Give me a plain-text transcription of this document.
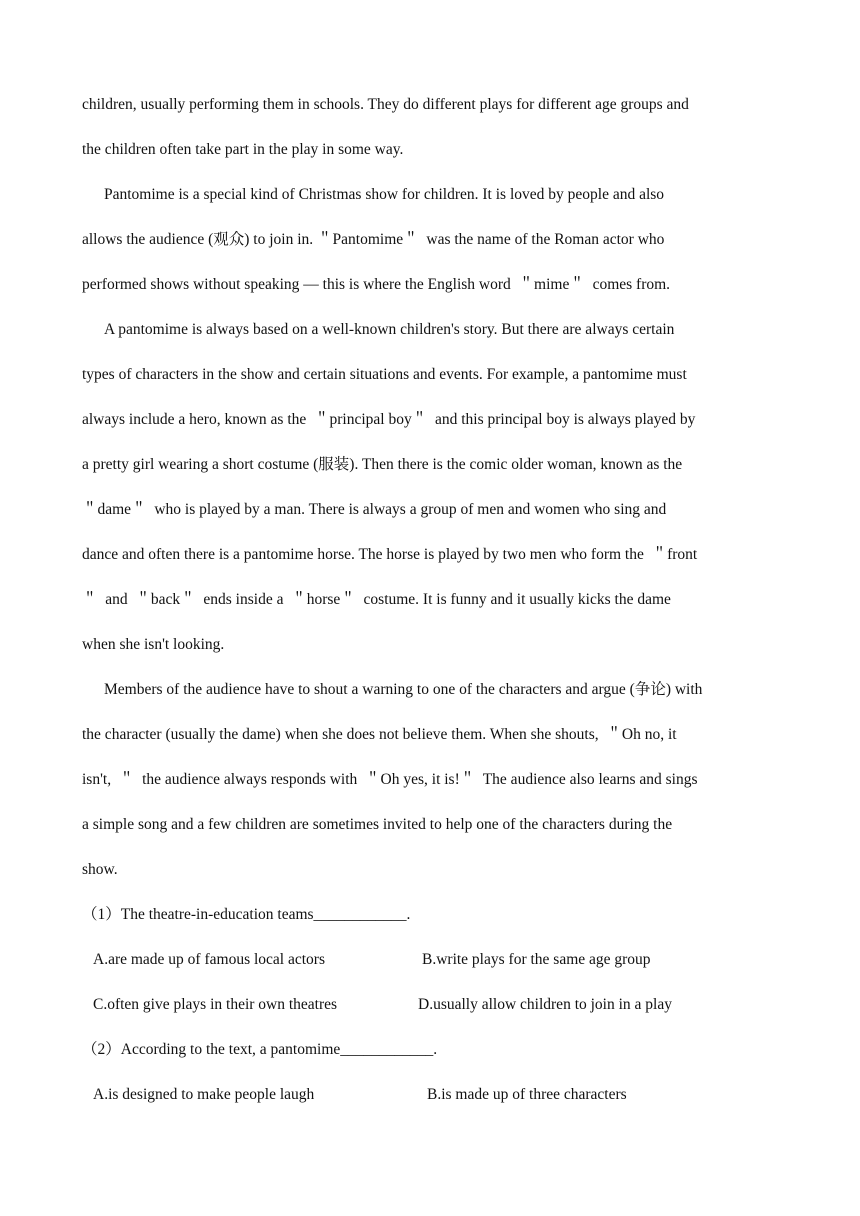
children, usually performing them in schools. They do different plays for different age groups and
the children often take part in the play in some way.
Pantomime is a special kind of Christmas show for children. It is loved by people and also
allows the audience (观众) to join in. ＂Pantomime＂  was the name of the Roman actor who
performed shows without speaking — this is where the English word  ＂mime＂  comes from.
A pantomime is always based on a well-known children's story. But there are always certain
types of characters in the show and certain situations and events. For example, a pantomime must
always include a hero, known as the  ＂principal boy＂  and this principal boy is always played by
a pretty girl wearing a short costume (服装). Then there is the comic older woman, known as the
＂dame＂  who is played by a man. There is always a group of men and women who sing and
dance and often there is a pantomime horse. The horse is played by two men who form the  ＂front
＂  and  ＂back＂  ends inside a  ＂horse＂  costume. It is funny and it usually kicks the dame
when she isn't looking.
Members of the audience have to shout a warning to one of the characters and argue (争论) with
the character (usually the dame) when she does not believe them. When she shouts,  ＂Oh no, it
isn't,  ＂  the audience always responds with  ＂Oh yes, it is!＂  The audience also learns and sings
a simple song and a few children are sometimes invited to help one of the characters during the
show.
（1）The theatre-in-education teams____________.
A.are made up of famous local actors	B.write plays for the same age group
C.often give plays in their own theatres	D.usually allow children to join in a play
（2）According to the text, a pantomime____________.
A.is designed to make people laugh	B.is made up of three characters
